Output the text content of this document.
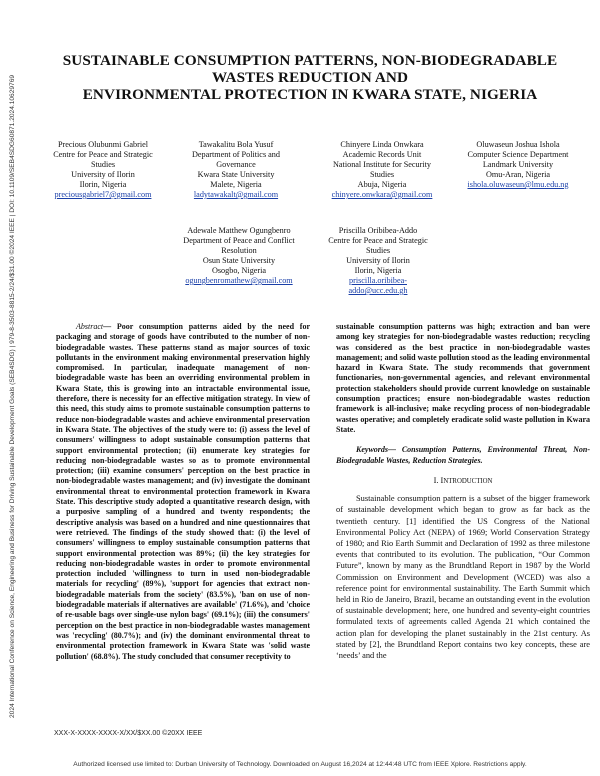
2024 International Conference on Science, Engineering and Business for Driving Sustainable Development Goals (SEB4SDG) | 979-8-3503-8815-2/24/$31.00 ©2024 IEEE | DOI: 10.1109/SEB4SDG60871.2024.10629769
SUSTAINABLE CONSUMPTION PATTERNS, NON-BIODEGRADABLE
WASTES REDUCTION AND
ENVIRONMENTAL PROTECTION IN KWARA STATE, NIGERIA
Precious Olubunmi Gabriel
Centre for Peace and Strategic
Studies
University of Ilorin
Ilorin, Nigeria
preciousgabriel7@gmail.com
Tawakalitu Bola Yusuf
Department of Politics and
Governance
Kwara State University
Malete, Nigeria
ladytawakalt@gmail.com
Chinyere Linda Onwkara
Academic Records Unit
National Institute for Security
Studies
Abuja, Nigeria
chinyere.onwkara@gmail.com
Oluwaseun Joshua Ishola
Computer Science Department
Landmark University
Omu-Aran, Nigeria
ishola.oluwaseun@lmu.edu.ng
Adewale Matthew Ogungbenro
Department of Peace and Conflict
Resolution
Osun State University
Osogbo, Nigeria
ogungbenromathew@gmail.com
Priscilla Oribibea-Addo
Centre for Peace and Strategic
Studies
University of Ilorin
Ilorin, Nigeria
priscilla.oribibea-addo@ucc.edu.gh

Abstract— Poor consumption patterns aided by the need for packaging and storage of goods have contributed to the number of non-biodegradable wastes. These patterns stand as major sources of toxic pollutants in the environment making environmental preservation highly compromised. In particular, inadequate management of non-biodegradable waste has been an overriding environmental problem in Kwara State, this is growing into an intractable environmental issue, therefore, there is necessity for an effective mitigation strategy. In view of this need, this study aims to promote sustainable consumption patterns to reduce non-biodegradable wastes and achieve environmental preservation in Kwara State. The objectives of the study were to: (i) assess the level of consumers' willingness to adopt sustainable consumption patterns that support environmental protection; (ii) enumerate key strategies for reducing non-biodegradable wastes so as to promote environmental protection; (iii) examine consumers' perception on the best practice in non-biodegradable wastes management; and (iv) investigate the dominant environmental threat to environmental protection framework in Kwara State. This descriptive study adopted a quantitative research design, with a purposive sampling of a hundred and twenty respondents; the descriptive analysis was based on a hundred and nine questionnaires that were retrieved. The findings of the study showed that: (i) the level of consumers' willingness to employ sustainable consumption patterns that support environmental protection was 89%; (ii) the key strategies for reducing non-biodegradable wastes in order to promote environmental protection included 'willingness to turn in used non-biodegradable materials for recycling' (89%), 'support for agencies that extract non-biodegradable materials from the society' (83.5%), 'ban on use of non-biodegradable materials if alternatives are available' (71.6%), and 'choice of re-usable bags over single-use nylon bags' (69.1%); (iii) the consumers' perception on the best practice in non-biodegradable wastes management was 'recycling' (80.7%); and (iv) the dominant environmental threat to environmental protection framework in Kwara State was 'solid waste pollution' (68.8%). The study concluded that consumer receptivity to

sustainable consumption patterns was high; extraction and ban were among key strategies for non-biodegradable wastes reduction; recycling was considered as the best practice in non-biodegradable wastes management; and solid waste pollution stood as the leading environmental hazard in Kwara State. The study recommends that government functionaries, non-governmental agencies, and relevant environmental protection stakeholders should provide current knowledge on sustainable consumption practices; ensure non-biodegradable wastes reduction framework is all-inclusive; make recycling process of non-biodegradable wastes operative; and completely eradicate solid waste pollution in Kwara State.

Keywords— Consumption Patterns, Environmental Threat, Non-Biodegradable Wastes, Reduction Strategies.

I. INTRODUCTION

Sustainable consumption pattern is a subset of the bigger framework of sustainable development which began to grow as far back as the twentieth century. [1] identified the US Congress of the National Environmental Policy Act (NEPA) of 1969; World Conservation Strategy of 1980; and Rio Earth Summit and Declaration of 1992 as three milestone events that contributed to its evolution. The publication, “Our Common Future”, known by many as the Brundtland Report in 1987 by the World Commission on Environment and Development (WCED) was also a reference point for environmental sustainability. The Earth Summit which held in Rio de Janeiro, Brazil, became an outstanding event in the evolution of sustainable development; here, one hundred and seventy-eight countries formulated texts of agreements called Agenda 21 which contained the action plan for developing the planet sustainably in the 21st century. As stated by [2], the Brundtland Report contains two key concepts, these are ‘needs’ and the

XXX-X-XXXX-XXXX-X/XX/$XX.00 ©20XX IEEE
Authorized licensed use limited to: Durban University of Technology. Downloaded on August 16,2024 at 12:44:48 UTC from IEEE Xplore. Restrictions apply.
